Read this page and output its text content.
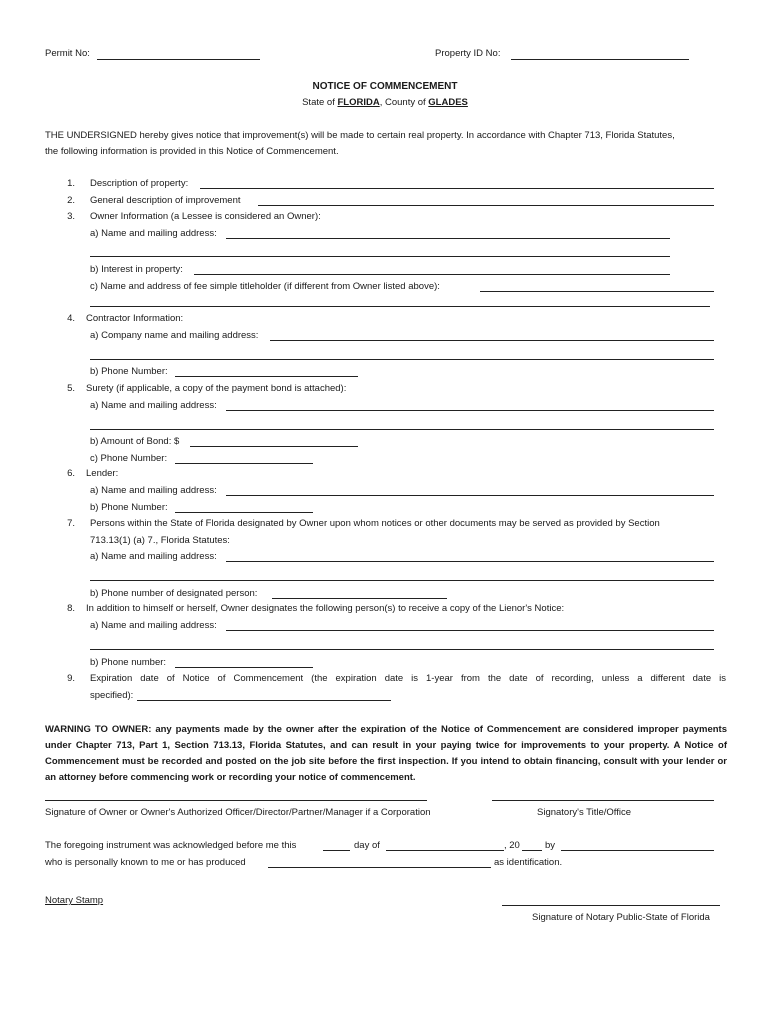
Permit No:	Property ID No:
NOTICE OF COMMENCEMENT
State of FLORIDA, County of GLADES
THE UNDERSIGNED hereby gives notice that improvement(s) will be made to certain real property. In accordance with Chapter 713, Florida Statutes,
the following information is provided in this Notice of Commencement.
1. Description of property:
2. General description of improvement
3. Owner Information (a Lessee is considered an Owner):
a) Name and mailing address:
b) Interest in property:
c) Name and address of fee simple titleholder (if different from Owner listed above):
4. Contractor Information:
a) Company name and mailing address:
b) Phone Number:
5. Surety (if applicable, a copy of the payment bond is attached):
a) Name and mailing address:
b) Amount of Bond: $
c) Phone Number:
6. Lender:
a) Name and mailing address:
b) Phone Number:
7. Persons within the State of Florida designated by Owner upon whom notices or other documents may be served as provided by Section
713.13(1) (a) 7., Florida Statutes:
a) Name and mailing address:
b) Phone number of designated person:
8. In addition to himself or herself, Owner designates the following person(s) to receive a copy of the Lienor's Notice:
a) Name and mailing address:
b) Phone number:
9. Expiration date of Notice of Commencement (the expiration date is 1-year from the date of recording, unless a different date is
specified):
WARNING TO OWNER: any payments made by the owner after the expiration of the Notice of Commencement are considered improper payments under Chapter 713, Part 1, Section 713.13, Florida Statutes, and can result in your paying twice for improvements to your property. A Notice of Commencement must be recorded and posted on the job site before the first inspection. If you intend to obtain financing, consult with your lender or an attorney before commencing work or recording your notice of commencement.
Signature of Owner or Owner's Authorized Officer/Director/Partner/Manager if a Corporation	Signatory's Title/Office
The foregoing instrument was acknowledged before me this	day of	, 20	by
who is personally known to me or has produced	as identification.
Notary Stamp
Signature of Notary Public-State of Florida
